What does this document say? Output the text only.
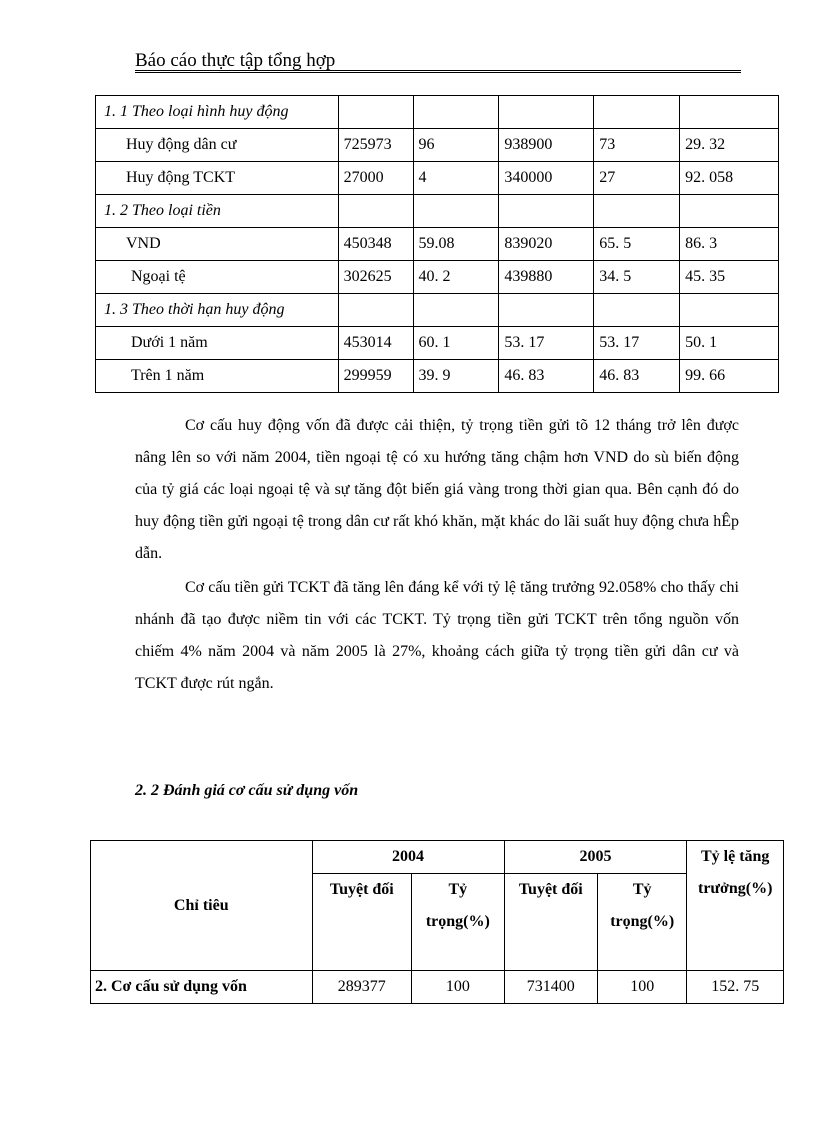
Báo cáo thực tập tổng hợp
1. 1 Theo loại hình huy động					
Huy động dân cư	725973	96	938900	73	29. 32
Huy động TCKT	27000	4	340000	27	92. 058
1. 2 Theo loại tiền					
VND	450348	59.08	839020	65. 5	86. 3
Ngoại tệ	302625	40. 2	439880	34. 5	45. 35
1. 3 Theo thời hạn huy động					
Dưới 1 năm	453014	60. 1	53. 17	53. 17	50. 1
Trên 1 năm	299959	39. 9	46. 83	46. 83	99. 66

Cơ cấu huy động vốn đã được cải thiện, tỷ trọng tiền gửi tõ 12 tháng trở lên được nâng lên so với năm 2004, tiền ngoại tệ có xu hướng tăng chậm hơn VND do sù biến động của tỷ giá các loại ngoại tệ và sự tăng đột biến giá vàng trong thời gian qua. Bên cạnh đó do huy động tiền gửi ngoại tệ trong dân cư rất khó khăn, mặt khác do lãi suất huy động chưa hÊp dẫn.

Cơ cấu tiền gửi TCKT đã tăng lên đáng kể với tỷ lệ tăng trưởng 92.058% cho thấy chi nhánh đã tạo được niềm tin với các TCKT. Tỷ trọng tiền gửi TCKT trên tổng nguồn vốn chiếm 4% năm 2004 và năm 2005 là 27%, khoảng cách giữa tỷ trọng tiền gửi dân cư và TCKT được rút ngắn.

2. 2 Đánh giá cơ cấu sử dụng vốn
Chỉ tiêu	2004		2005		Tỷ lệ tăng trưởng(%)
	Tuyệt đối	Tỷ trọng(%)	Tuyệt đối	Tỷ trọng(%)	
2. Cơ cấu sử dụng vốn	289377	100	731400	100	152. 75
